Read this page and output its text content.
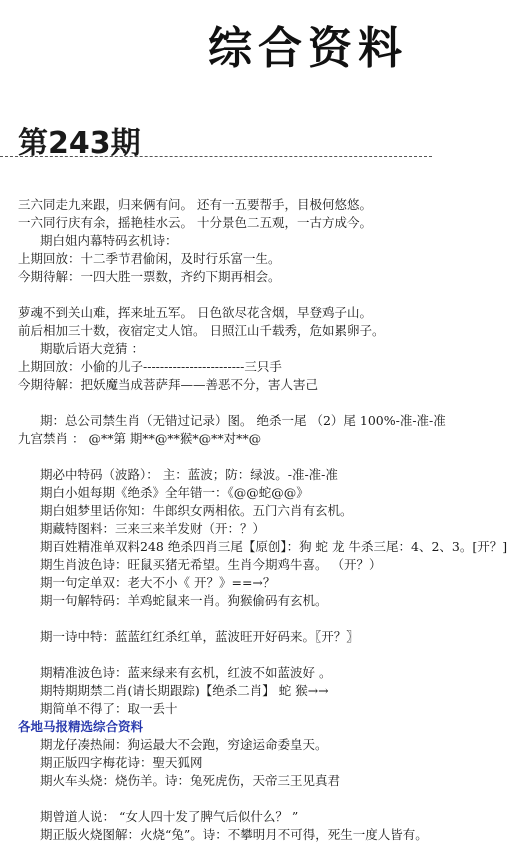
综合资料
第243期
三六同走九来跟，归来俩有问。 还有一五要帮手，目极何悠悠。
一六同行庆有余，摇艳桂水云。 十分景色二五观，一古方成今。
期白姐内幕特码玄机诗：
上期回放：十二季节君偷闲，及时行乐富一生。
今期待解：一四大胜一票数，齐约下期再相会。
萝魂不到关山难，挥来址五军。 日色欲尽花含烟，早登鸡子山。
前后相加三十数，夜宿定丈人馆。 日照江山千载秀，危如累卵子。
期歇后语大竞猜 ：
上期回放：小偷的儿子------------------------三只手
今期待解：把妖魔当成菩萨拜——善恶不分，害人害己
期：总公司禁生肖（无错过记录）图。 绝杀一尾 （2）尾 100%-准-准-准
九宫禁肖 ： @**第 期**@**猴*@**对**@
期必中特码（波路）： 主：蓝波；防：绿波。-准-准-准
期白小姐每期《绝杀》全年错一：《@@蛇@@》
期白姐梦里话你知：牛郎织女两相依。五门六肖有玄机。
期藏特图料：三来三来羊发财（开：？）
期百姓精准单双料248 绝杀四肖三尾【原创】：狗 蛇 龙 牛杀三尾：4、2、3。[开？]
期生肖波色诗：旺鼠买猪无希望。生肖今期鸡牛喜。 （开？）
期一句定单双：老大不小《 开？》==→？
期一句解特码：羊鸡蛇鼠来一肖。狗猴偷码有玄机。
期一诗中特：蓝蓝红红杀红单，蓝波旺开好码来。〖开？〗
期精准波色诗：蓝来绿来有玄机，红波不如蓝波好 。
期特期期禁二肖(请长期跟踪)【绝杀二肖】 蛇 猴→→
期简单不得了：取一丢十
各地马报精选综合资料
期龙仔凑热闹：狗运最大不会跑，穷途运命委皇天。
期正版四字梅花诗：聖天狐网
期火车头烧：烧伤羊。诗：兔死虎伤，天帝三王见真君
期曾道人说： “女人四十发了脾气后似什么？ ”
期正版火烧图解：火烧“兔”。诗：不攀明月不可得，死生一度人皆有。
